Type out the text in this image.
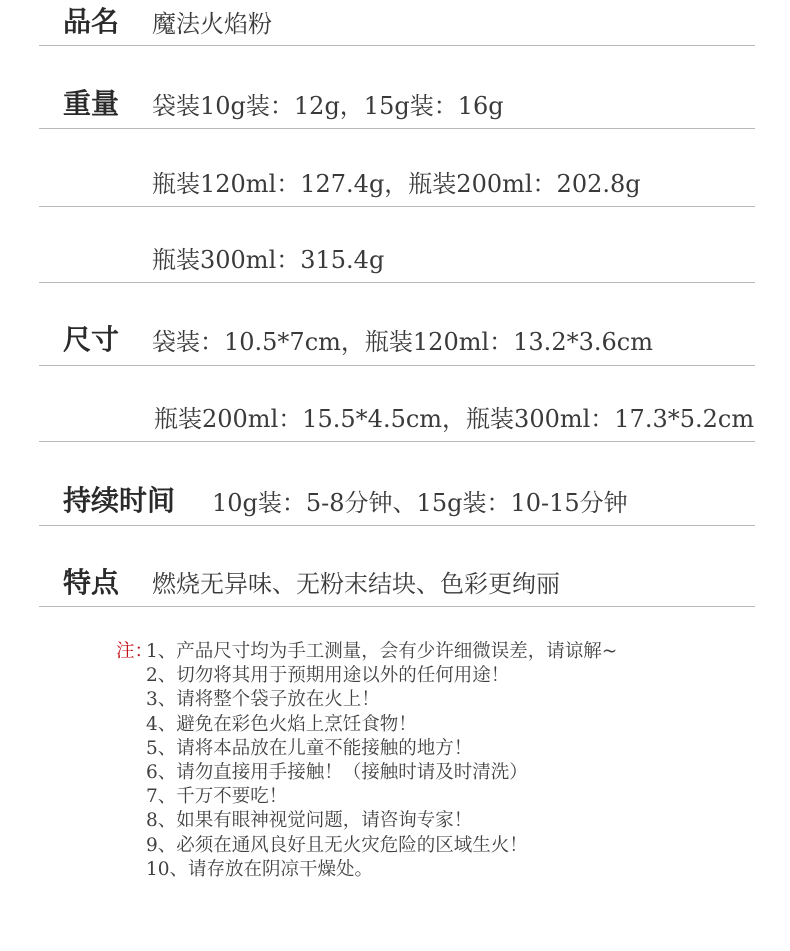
品名 魔法火焰粉
重量 袋装10g装：12g，15g装：16g
瓶装120ml：127.4g，瓶装200ml：202.8g
瓶装300ml：315.4g
尺寸 袋装：10.5*7cm，瓶装120ml：13.2*3.6cm
瓶装200ml：15.5*4.5cm，瓶装300ml：17.3*5.2cm
持续时间 10g装：5-8分钟、15g装：10-15分钟
特点 燃烧无异味、无粉末结块、色彩更绚丽
注：
1、产品尺寸均为手工测量，会有少许细微误差，请谅解~
2、切勿将其用于预期用途以外的任何用途！
3、请将整个袋子放在火上！
4、避免在彩色火焰上烹饪食物！
5、请将本品放在儿童不能接触的地方！
6、请勿直接用手接触！（接触时请及时清洗）
7、千万不要吃！
8、如果有眼神视觉问题，请咨询专家！
9、必须在通风良好且无火灾危险的区域生火！
10、请存放在阴凉干燥处。
